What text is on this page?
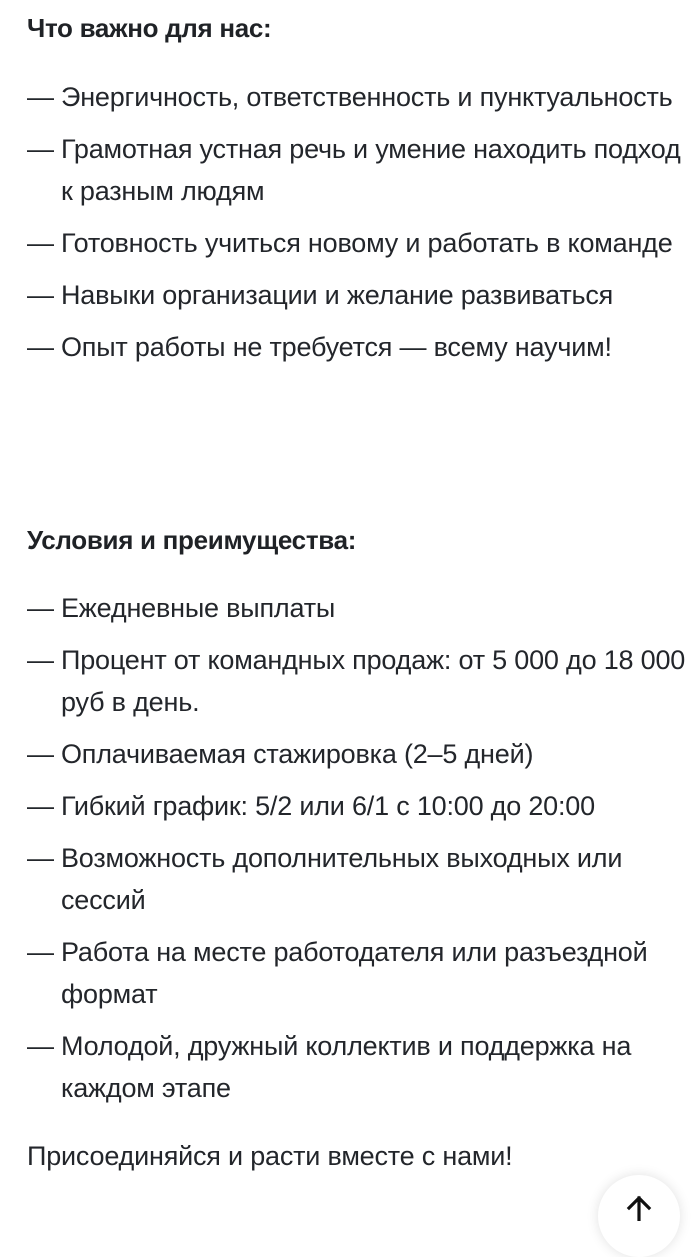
Что важно для нас:
— Энергичность, ответственность и пунктуальность
— Грамотная устная речь и умение находить подход к разным людям
— Готовность учиться новому и работать в команде
— Навыки организации и желание развиваться
— Опыт работы не требуется — всему научим!
Условия и преимущества:
— Ежедневные выплаты
— Процент от командных продаж: от 5 000 до 18 000 руб в день.
— Оплачиваемая стажировка (2–5 дней)
— Гибкий график: 5/2 или 6/1 с 10:00 до 20:00
— Возможность дополнительных выходных или сессий
— Работа на месте работодателя или разъездной формат
— Молодой, дружный коллектив и поддержка на каждом этапе

Присоединяйся и расти вместе с нами!
